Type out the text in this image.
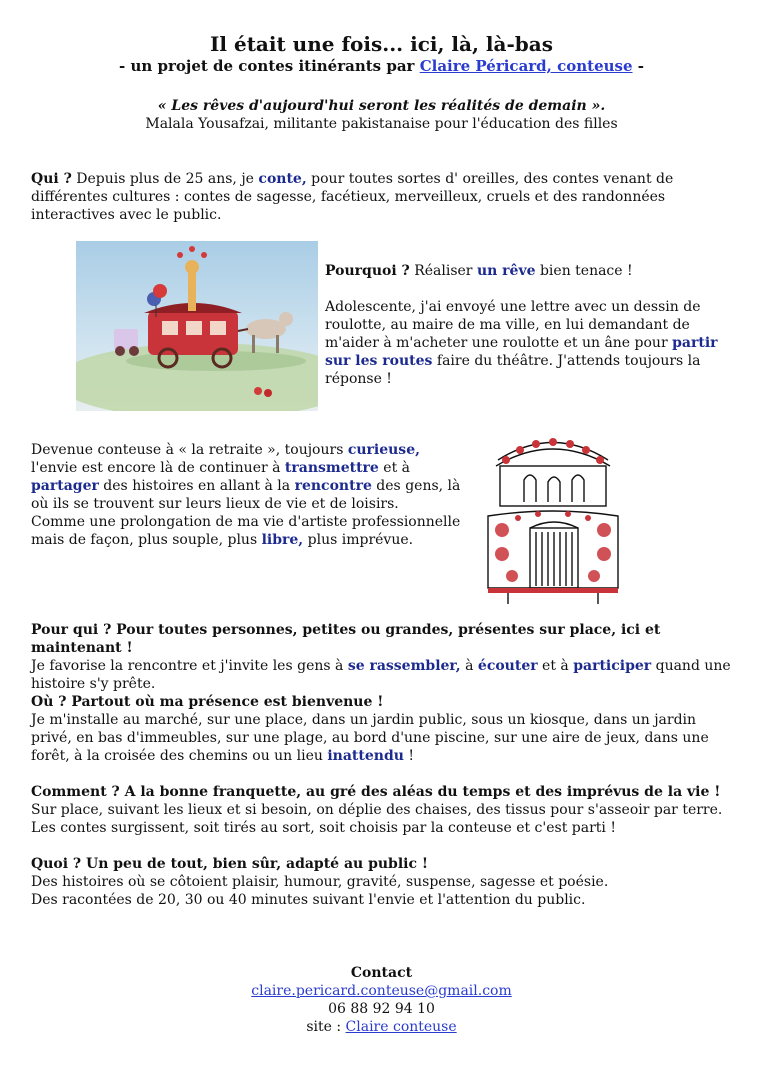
Il était une fois... ici, là, là-bas
- un projet de contes itinérants par Claire Péricard, conteuse -
« Les rêves d'aujourd'hui seront les réalités de demain ».
Malala Yousafzai, militante pakistanaise pour l'éducation des filles

Qui ? Depuis plus de 25 ans, je conte, pour toutes sortes d' oreilles, des contes venant de différentes cultures : contes de sagesse, facétieux, merveilleux, cruels et des randonnées interactives avec le public.

Pourquoi ? Réaliser un rêve bien tenace !

Adolescente, j'ai envoyé une lettre avec un dessin de roulotte, au maire de ma ville, en lui demandant de m'aider à m'acheter une roulotte et un âne pour partir sur les routes faire du théâtre. J'attends toujours la réponse !

Devenue conteuse à « la retraite », toujours curieuse, l'envie est encore là de continuer à transmettre et à partager des histoires en allant à la rencontre des gens, là où ils se trouvent sur leurs lieux de vie et de loisirs.

Comme une prolongation de ma vie d'artiste professionnelle mais de façon, plus souple, plus libre, plus imprévue.

Pour qui ? Pour toutes personnes, petites ou grandes, présentes sur place, ici et maintenant !

Je favorise la rencontre et j'invite les gens à se rassembler, à écouter et à participer quand une histoire s'y prête.

Où ? Partout où ma présence est bienvenue !

Je m'installe au marché, sur une place, dans un jardin public, sous un kiosque, dans un jardin privé, en bas d'immeubles, sur une plage, au bord d'une piscine, sur une aire de jeux, dans une forêt, à la croisée des chemins ou un lieu inattendu !

Comment ? A la bonne franquette, au gré des aléas du temps et des imprévus de la vie !

Sur place, suivant les lieux et si besoin, on déplie des chaises, des tissus pour s'asseoir par terre.

Les contes surgissent, soit tirés au sort, soit choisis par la conteuse et c'est parti !

Quoi ? Un peu de tout, bien sûr, adapté au public !

Des histoires où se côtoient plaisir, humour, gravité, suspense, sagesse et poésie.

Des racontées de 20, 30 ou 40 minutes suivant l'envie et l'attention du public.

Contact

claire.pericard.conteuse@gmail.com

06 88 92 94 10

site : Claire conteuse
